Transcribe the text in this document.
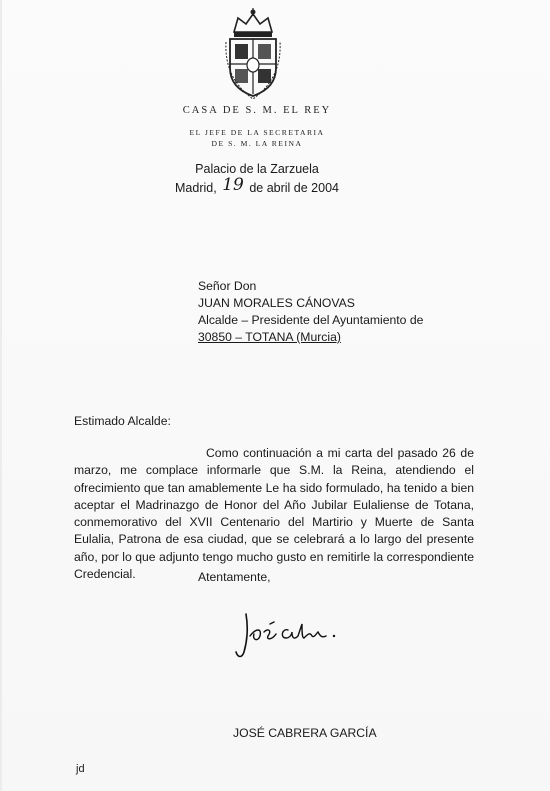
CASA DE S. M. EL REY
EL JEFE DE LA SECRETARIA
DE S. M. LA REINA
Palacio de la Zarzuela
Madrid, 19 de abril de 2004
Señor Don
JUAN MORALES CÁNOVAS
Alcalde – Presidente del Ayuntamiento de
30850 – TOTANA (Murcia)
Estimado Alcalde:

Como continuación a mi carta del pasado 26 de marzo, me complace informarle que S.M. la Reina, atendiendo el ofrecimiento que tan amablemente Le ha sido formulado, ha tenido a bien aceptar el Madrinazgo de Honor del Año Jubilar Eulaliense de Totana, conmemorativo del XVII Centenario del Martirio y Muerte de Santa Eulalia, Patrona de esa ciudad, que se celebrará a lo largo del presente año, por lo que adjunto tengo mucho gusto en remitirle la correspondiente Credencial.	Atentamente,
JOSÉ CABRERA GARCÍA
jd
